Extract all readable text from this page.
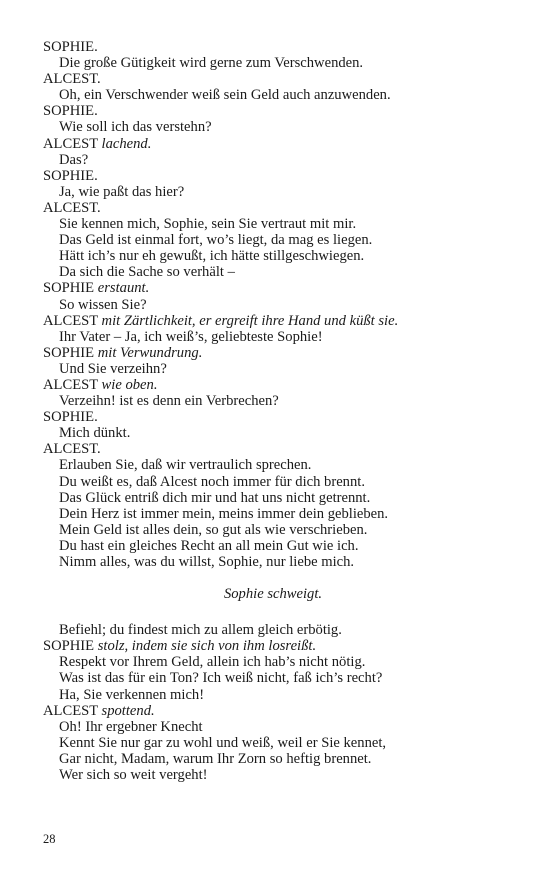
SOPHIE.
Die große Gütigkeit wird gerne zum Verschwenden.
ALCEST.
Oh, ein Verschwender weiß sein Geld auch anzuwenden.
SOPHIE.
Wie soll ich das verstehn?
ALCEST lachend.
Das?
SOPHIE.
Ja, wie paßt das hier?
ALCEST.
Sie kennen mich, Sophie, sein Sie vertraut mit mir.
Das Geld ist einmal fort, wo’s liegt, da mag es liegen.
Hätt ich’s nur eh gewußt, ich hätte stillgeschwiegen.
Da sich die Sache so verhält –
SOPHIE erstaunt.
So wissen Sie?
ALCEST mit Zärtlichkeit, er ergreift ihre Hand und küßt sie.
Ihr Vater – Ja, ich weiß’s, geliebteste Sophie!
SOPHIE mit Verwundrung.
Und Sie verzeihn?
ALCEST wie oben.
Verzeihn! ist es denn ein Verbrechen?
SOPHIE.
Mich dünkt.
ALCEST.
Erlauben Sie, daß wir vertraulich sprechen.
Du weißt es, daß Alcest noch immer für dich brennt.
Das Glück entriß dich mir und hat uns nicht getrennt.
Dein Herz ist immer mein, meins immer dein geblieben.
Mein Geld ist alles dein, so gut als wie verschrieben.
Du hast ein gleiches Recht an all mein Gut wie ich.
Nimm alles, was du willst, Sophie, nur liebe mich.
Sophie schweigt.
Befiehl; du findest mich zu allem gleich erbötig.
SOPHIE stolz, indem sie sich von ihm losreißt.
Respekt vor Ihrem Geld, allein ich hab’s nicht nötig.
Was ist das für ein Ton? Ich weiß nicht, faß ich’s recht?
Ha, Sie verkennen mich!
ALCEST spottend.
Oh! Ihr ergebner Knecht
Kennt Sie nur gar zu wohl und weiß, weil er Sie kennet,
Gar nicht, Madam, warum Ihr Zorn so heftig brennet.
Wer sich so weit vergeht!
28
